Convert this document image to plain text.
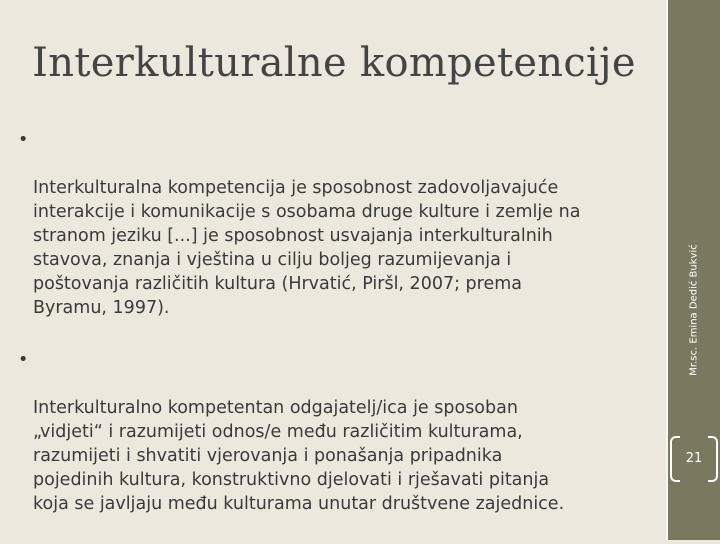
Interkulturalne kompetencije

•

Interkulturalna kompetencija je sposobnost zadovoljavajuće
interakcije i komunikacije s osobama druge kulture i zemlje na
stranom jeziku [...] je sposobnost usvajanja interkulturalnih
stavova, znanja i vještina u cilju boljeg razumijevanja i
poštovanja različitih kultura (Hrvatić, Piršl, 2007; prema
Byramu, 1997).

•

Interkulturalno kompetentan odgajatelj/ica je sposoban
„vidjeti“ i razumijeti odnos/e među različitim kulturama,
razumijeti i shvatiti vjerovanja i ponašanja pripadnika
pojedinih kultura, konstruktivno djelovati i rješavati pitanja
koja se javljaju među kulturama unutar društvene zajednice.

Mr.sc. Emina Dedić Bukvić
21
